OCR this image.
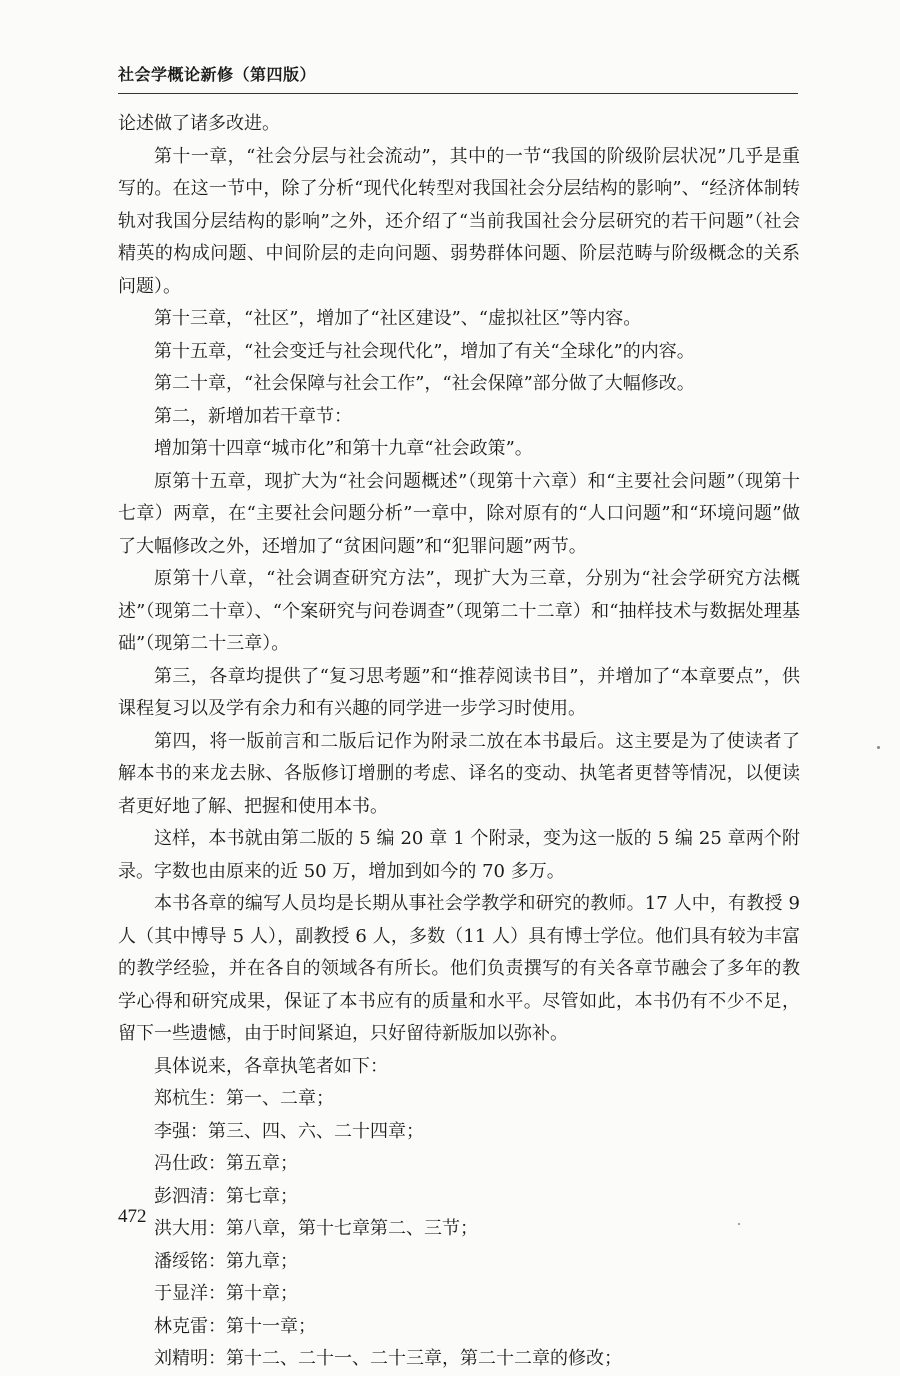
社会学概论新修（第四版）

论述做了诸多改进。

第十一章，“社会分层与社会流动”，其中的一节“我国的阶级阶层状况”几乎是重写的。在这一节中，除了分析“现代化转型对我国社会分层结构的影响”、“经济体制转轨对我国分层结构的影响”之外，还介绍了“当前我国社会分层研究的若干问题”（社会精英的构成问题、中间阶层的走向问题、弱势群体问题、阶层范畴与阶级概念的关系问题）。

第十三章，“社区”，增加了“社区建设”、“虚拟社区”等内容。

第十五章，“社会变迁与社会现代化”，增加了有关“全球化”的内容。

第二十章，“社会保障与社会工作”，“社会保障”部分做了大幅修改。

第二，新增加若干章节：

增加第十四章“城市化”和第十九章“社会政策”。

原第十五章，现扩大为“社会问题概述”（现第十六章）和“主要社会问题”（现第十七章）两章，在“主要社会问题分析”一章中，除对原有的“人口问题”和“环境问题”做了大幅修改之外，还增加了“贫困问题”和“犯罪问题”两节。

原第十八章，“社会调查研究方法”，现扩大为三章，分别为“社会学研究方法概述”（现第二十章）、“个案研究与问卷调查”（现第二十二章）和“抽样技术与数据处理基础”（现第二十三章）。

第三，各章均提供了“复习思考题”和“推荐阅读书目”，并增加了“本章要点”，供课程复习以及学有余力和有兴趣的同学进一步学习时使用。

第四，将一版前言和二版后记作为附录二放在本书最后。这主要是为了使读者了解本书的来龙去脉、各版修订增删的考虑、译名的变动、执笔者更替等情况，以便读者更好地了解、把握和使用本书。

这样，本书就由第二版的 5 编 20 章 1 个附录，变为这一版的 5 编 25 章两个附录。字数也由原来的近 50 万，增加到如今的 70 多万。

本书各章的编写人员均是长期从事社会学教学和研究的教师。17 人中，有教授 9 人（其中博导 5 人），副教授 6 人，多数（11 人）具有博士学位。他们具有较为丰富的教学经验，并在各自的领域各有所长。他们负责撰写的有关各章节融会了多年的教学心得和研究成果，保证了本书应有的质量和水平。尽管如此，本书仍有不少不足，留下一些遗憾，由于时间紧迫，只好留待新版加以弥补。

具体说来，各章执笔者如下：

郑杭生：第一、二章；

李强：第三、四、六、二十四章；

冯仕政：第五章；

彭泗清：第七章；

洪大用：第八章，第十七章第二、三节；

潘绥铭：第九章；

于显洋：第十章；

林克雷：第十一章；

刘精明：第十二、二十一、二十三章，第二十二章的修改；

472
